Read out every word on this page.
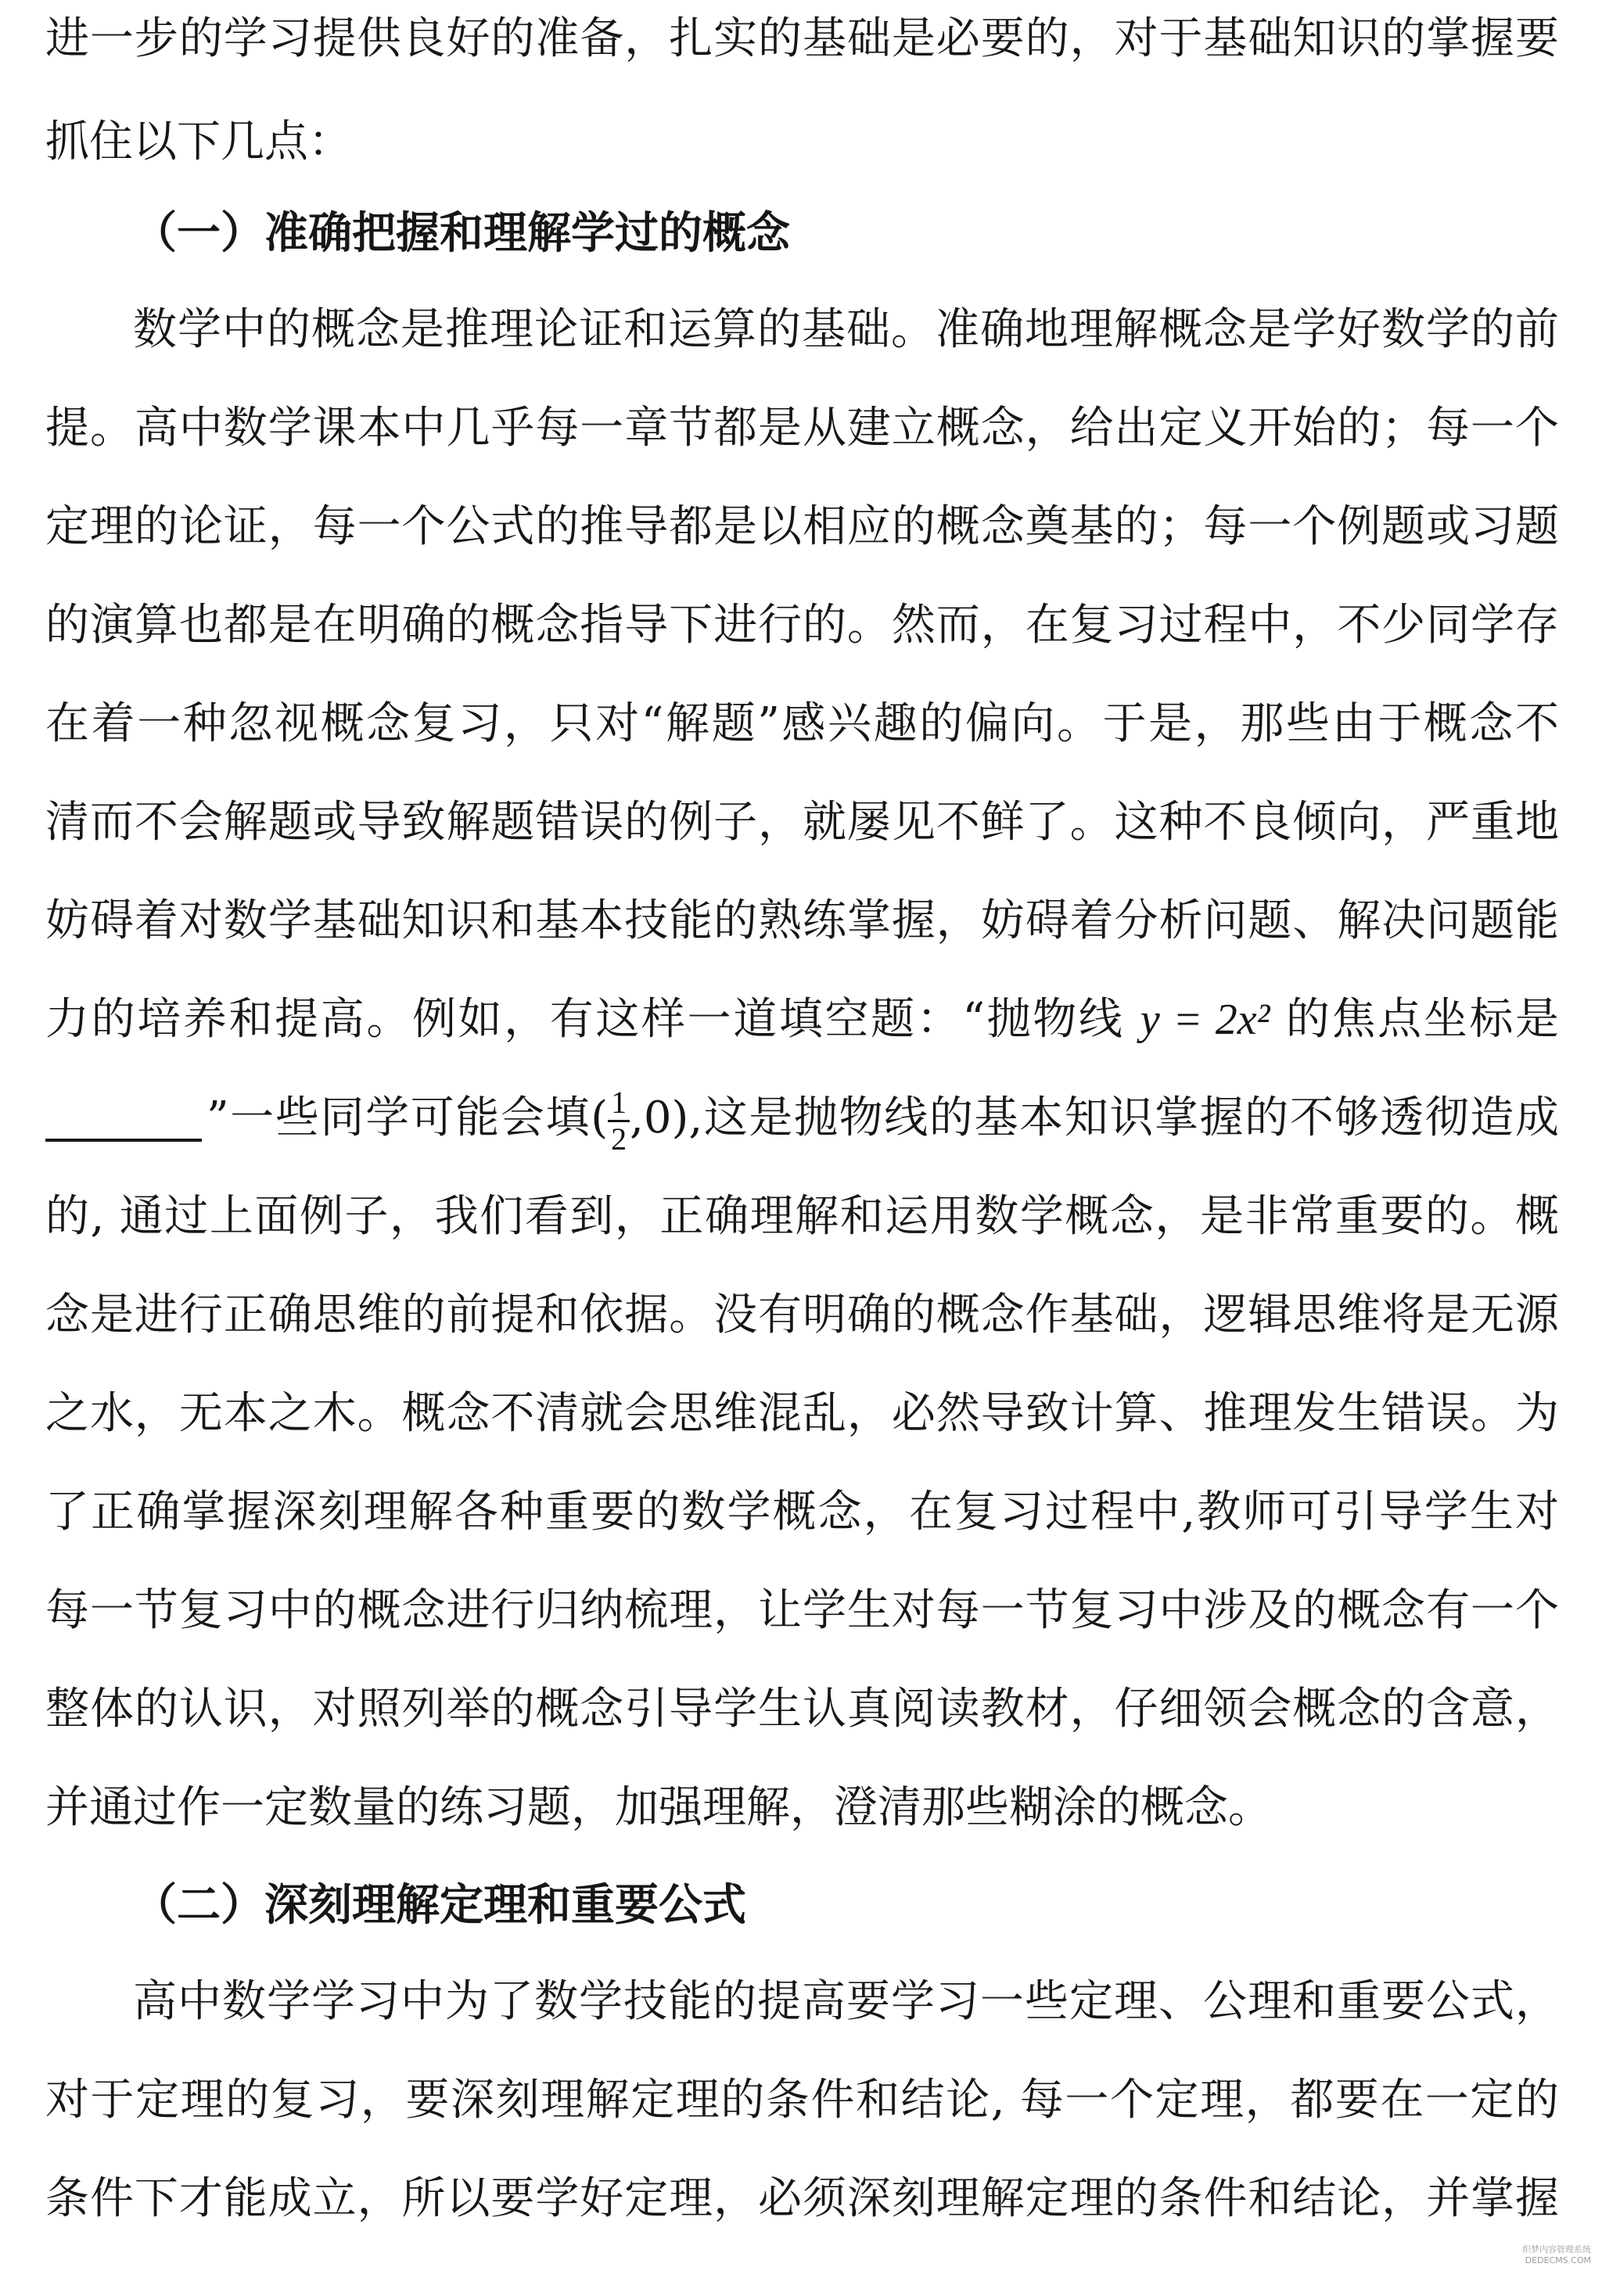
进一步的学习提供良好的准备，扎实的基础是必要的，对于基础知识的掌握要
抓住以下几点：
（一）准确把握和理解学过的概念
数学中的概念是推理论证和运算的基础。准确地理解概念是学好数学的前
提。高中数学课本中几乎每一章节都是从建立概念，给出定义开始的；每一个
定理的论证，每一个公式的推导都是以相应的概念奠基的；每一个例题或习题
的演算也都是在明确的概念指导下进行的。然而，在复习过程中，不少同学存
在着一种忽视概念复习，只对“解题”感兴趣的偏向。于是，那些由于概念不
清而不会解题或导致解题错误的例子，就屡见不鲜了。这种不良倾向，严重地
妨碍着对数学基础知识和基本技能的熟练掌握，妨碍着分析问题、解决问题能
力的培养和提高。例如，有这样一道填空题：“抛物线 y = 2x² 的焦点坐标是
”一些同学可能会填( $\frac{1}{2} ,0$),这是抛物线的基本知识掌握的不够透彻造成
的, 通过上面例子，我们看到，正确理解和运用数学概念，是非常重要的。概
念是进行正确思维的前提和依据。没有明确的概念作基础，逻辑思维将是无源
之水，无本之木。概念不清就会思维混乱，必然导致计算、推理发生错误。为
了正确掌握深刻理解各种重要的数学概念，在复习过程中,教师可引导学生对
每一节复习中的概念进行归纳梳理，让学生对每一节复习中涉及的概念有一个
整体的认识，对照列举的概念引导学生认真阅读教材，仔细领会概念的含意，
并通过作一定数量的练习题，加强理解，澄清那些糊涂的概念。
（二）深刻理解定理和重要公式
高中数学学习中为了数学技能的提高要学习一些定理、公理和重要公式，
对于定理的复习，要深刻理解定理的条件和结论, 每一个定理，都要在一定的
条件下才能成立，所以要学好定理，必须深刻理解定理的条件和结论，并掌握
织梦内容管理系统
DEDECMS.COM
